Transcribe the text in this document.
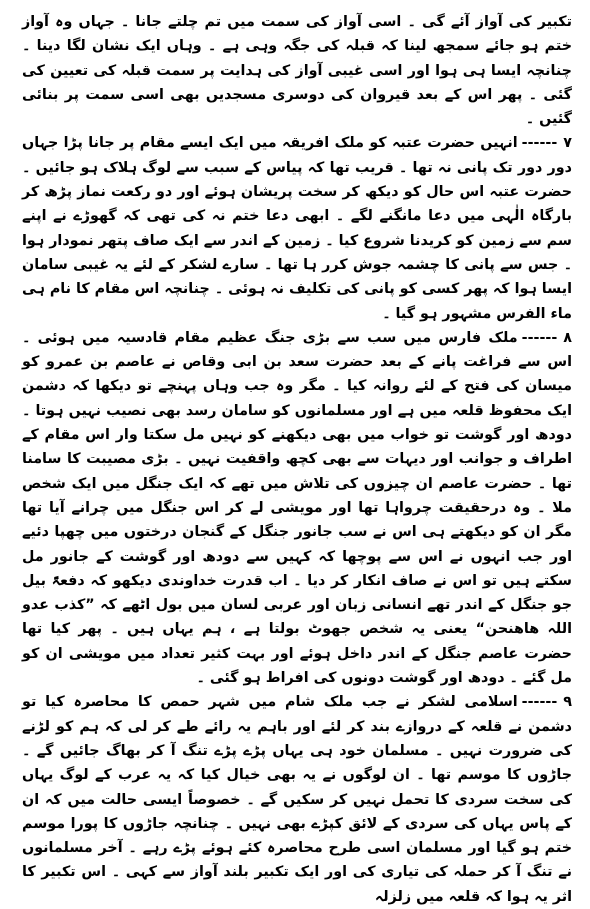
تکبیر کی آواز آئے گی ۔ اسی آواز کی سمت میں تم چلتے جانا ۔ جہاں وہ آواز ختم ہو جائے سمجھ لینا کہ قبلہ کی جگہ وہی ہے ۔ وہاں ایک نشان لگا دینا ۔ چنانچہ ایسا ہی ہوا اور اسی غیبی آواز کی ہدایت پر سمت قبلہ کی تعیین کی گئی ۔ پھر اس کے بعد قیروان کی دوسری مسجدیں بھی اسی سمت پر بنائی گئیں ۔

۷------انہیں حضرت عتبہ کو ملک افریقہ میں ایک ایسے مقام پر جانا پڑا جہاں دور دور تک پانی نہ تھا ۔ قریب تھا کہ پیاس کے سبب سے لوگ ہلاک ہو جائیں ۔ حضرت عتبہ اس حال کو دیکھ کر سخت پریشان ہوئے اور دو رکعت نماز پڑھ کر بارگاہ الٰہی میں دعا مانگنے لگے ۔ ابھی دعا ختم نہ کی تھی کہ گھوڑے نے اپنے سم سے زمین کو کریدنا شروع کیا ۔ زمین کے اندر سے ایک صاف پتھر نمودار ہوا ۔ جس سے پانی کا چشمہ جوش کرر ہا تھا ۔ سارے لشکر کے لئے یہ غیبی سامان ایسا ہوا کہ پھر کسی کو پانی کی تکلیف نہ ہوئی ۔ چنانچہ اس مقام کا نام ہی ماء الفرس مشہور ہو گیا ۔

۸------ملک فارس میں سب سے بڑی جنگ عظیم مقام قادسیہ میں ہوئی ۔ اس سے فراغت پانے کے بعد حضرت سعد بن ابی وقاص نے عاصم بن عمرو کو میسان کی فتح کے لئے روانہ کیا ۔ مگر وہ جب وہاں پہنچے تو دیکھا کہ دشمن ایک محفوظ قلعہ میں ہے اور مسلمانوں کو سامان رسد بھی نصیب نہیں ہوتا ۔ دودھ اور گوشت تو خواب میں بھی دیکھنے کو نہیں مل سکتا وار اس مقام کے اطراف و جوانب اور دیہات سے بھی کچھ واقفیت نہیں ۔ بڑی مصیبت کا سامنا تھا ۔ حضرت عاصم ان چیزوں کی تلاش میں تھے کہ ایک جنگل میں ایک شخص ملا ۔ وہ درحقیقت چرواہا تھا اور مویشی لے کر اس جنگل میں چرانے آیا تھا مگر ان کو دیکھتے ہی اس نے سب جانور جنگل کے گنجان درختوں میں چھپا دئیے اور جب انہوں نے اس سے پوچھا کہ کہیں سے دودھ اور گوشت کے جانور مل سکتے ہیں تو اس نے صاف انکار کر دیا ۔ اب قدرت خداوندی دیکھو کہ دفعۃً بیل جو جنگل کے اندر تھے انسانی زبان اور عربی لسان میں بول اٹھے کہ ”کذب عدو اللہ ھاھنحن“ یعنی یہ شخص جھوٹ بولتا ہے ، ہم یہاں ہیں ۔ پھر کیا تھا حضرت عاصم جنگل کے اندر داخل ہوئے اور بہت کثیر تعداد میں مویشی ان کو مل گئے ۔ دودھ اور گوشت دونوں کی افراط ہو گئی ۔

۹------اسلامی لشکر نے جب ملک شام میں شہر حمص کا محاصرہ کیا تو دشمن نے قلعہ کے دروازے بند کر لئے اور باہم یہ رائے طے کر لی کہ ہم کو لڑنے کی ضرورت نہیں ۔ مسلمان خود ہی یہاں پڑے پڑے تنگ آ کر بھاگ جائیں گے ۔ جاڑوں کا موسم تھا ۔ ان لوگوں نے یہ بھی خیال کیا کہ یہ عرب کے لوگ یہاں کی سخت سردی کا تحمل نہیں کر سکیں گے ۔ خصوصاً ایسی حالت میں کہ ان کے پاس یہاں کی سردی کے لائق کپڑے بھی نہیں ۔ چنانچہ جاڑوں کا پورا موسم ختم ہو گیا اور مسلمان اسی طرح محاصرہ کئے ہوئے پڑے رہے ۔ آخر مسلمانوں نے تنگ آ کر حملہ کی تیاری کی اور ایک تکبیر بلند آواز سے کہی ۔ اس تکبیر کا اثر یہ ہوا کہ قلعہ میں زلزلہ
